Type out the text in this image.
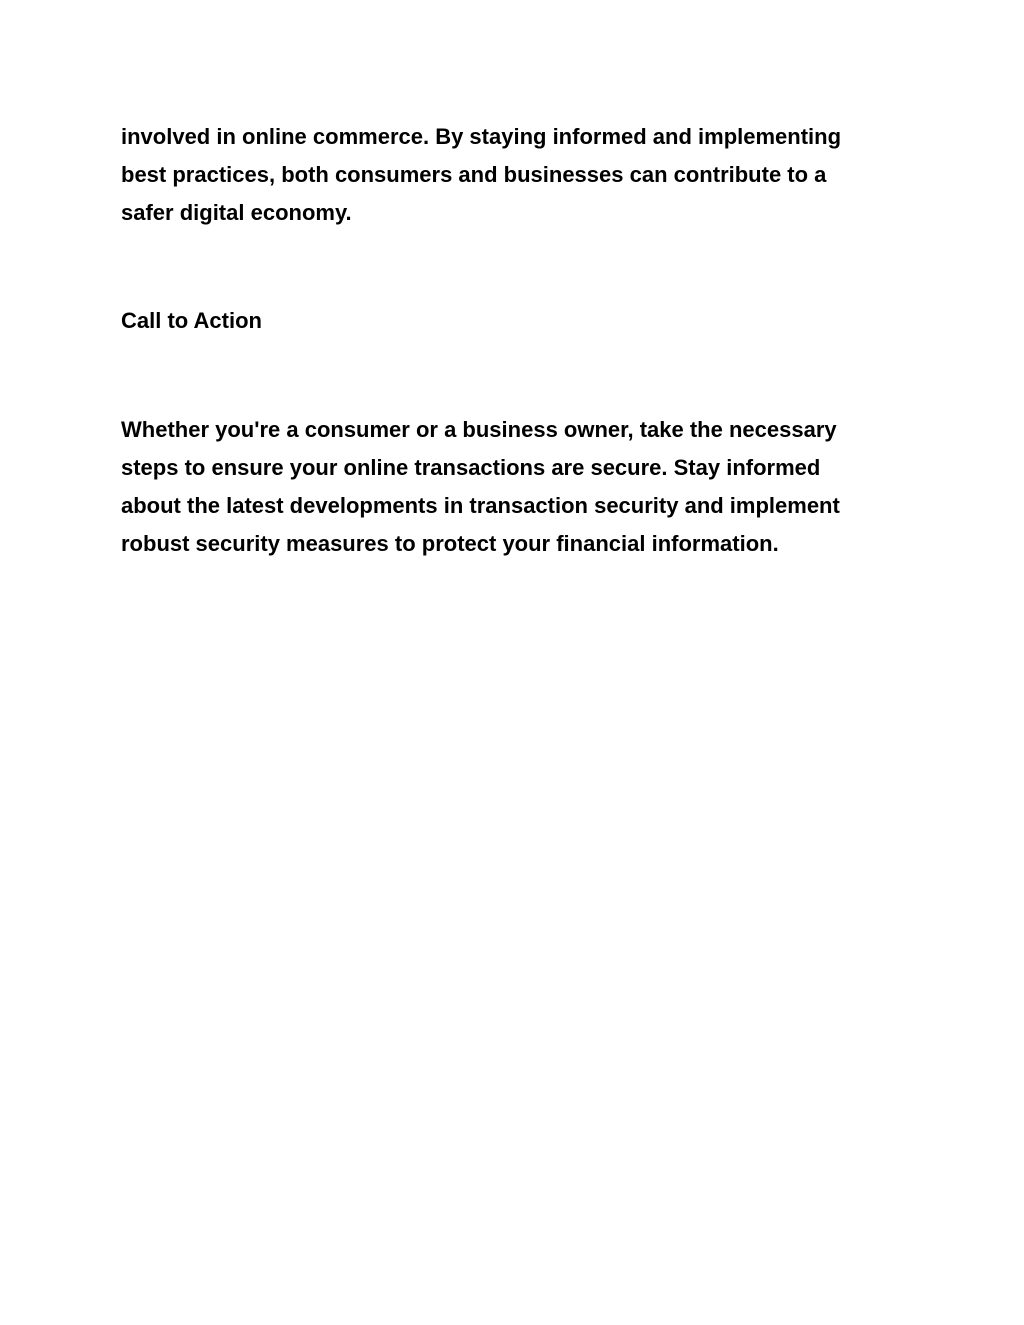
involved in online commerce. By staying informed and implementing
best practices, both consumers and businesses can contribute to a
safer digital economy.

Call to Action

Whether you're a consumer or a business owner, take the necessary
steps to ensure your online transactions are secure. Stay informed
about the latest developments in transaction security and implement
robust security measures to protect your financial information.
